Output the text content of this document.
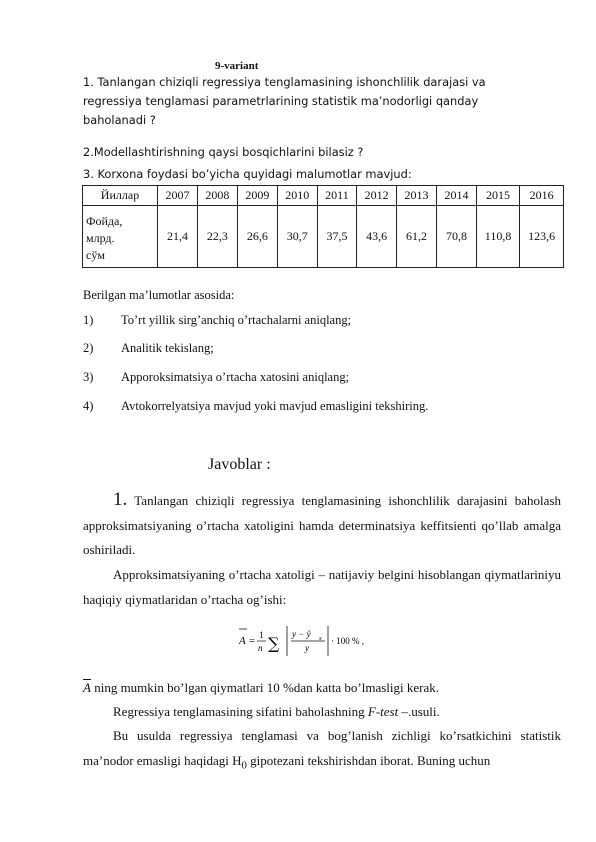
9-variant
1. Tanlangan chiziqli regressiya tenglamasining ishonchlilik darajasi va regressiya tenglamasi parametrlarining statistik ma’nodorligi qanday baholanadi ?
2.Modellashtirishning qaysi bosqichlarini bilasiz ?
3. Korxona foydasi bo’yicha quyidagi malumotlar mavjud:
Йиллар	2007	2008	2009	2010	2011	2012	2013	2014	2015	2016
Фойда,
млрд.
сўм	21,4	22,3	26,6	30,7	37,5	43,6	61,2	70,8	110,8	123,6
Berilgan ma’lumotlar asosida:
1) To’rt yillik sirg’anchiq o’rtachalarni aniqlang;
2) Analitik tekislang;
3) Apporoksimatsiya o’rtacha xatosini aniqlang;
4) Avtokorrelyatsiya mavjud yoki mavjud emasligini tekshiring.
Javoblar :
1. Tanlangan chiziqli regressiya tenglamasining ishonchlilik darajasini baholash approksimatsiyaning o’rtacha xatoligini hamda determinatsiya keffitsienti qo’llab amalga oshiriladi.
Approksimatsiyaning o’rtacha xatoligi – natijaviy belgini hisoblangan qiymatlariniyu haqiqiy qiymatlaridan o’rtacha og’ishi:
A = 1
n ∑ y − ŷ x
y
· 100 % ,
$\overline{A}$ ning mumkin bo’lgan qiymatlari 10 %dan katta bo’lmasligi kerak.
Regressiya tenglamasining sifatini baholashning F-test –.usuli.
Bu usulda regressiya tenglamasi va bog’lanish zichligi ko’rsatkichini statistik ma’nodor emasligi haqidagi $H_0$ gipotezani tekshirishdan iborat. Buning uchun
